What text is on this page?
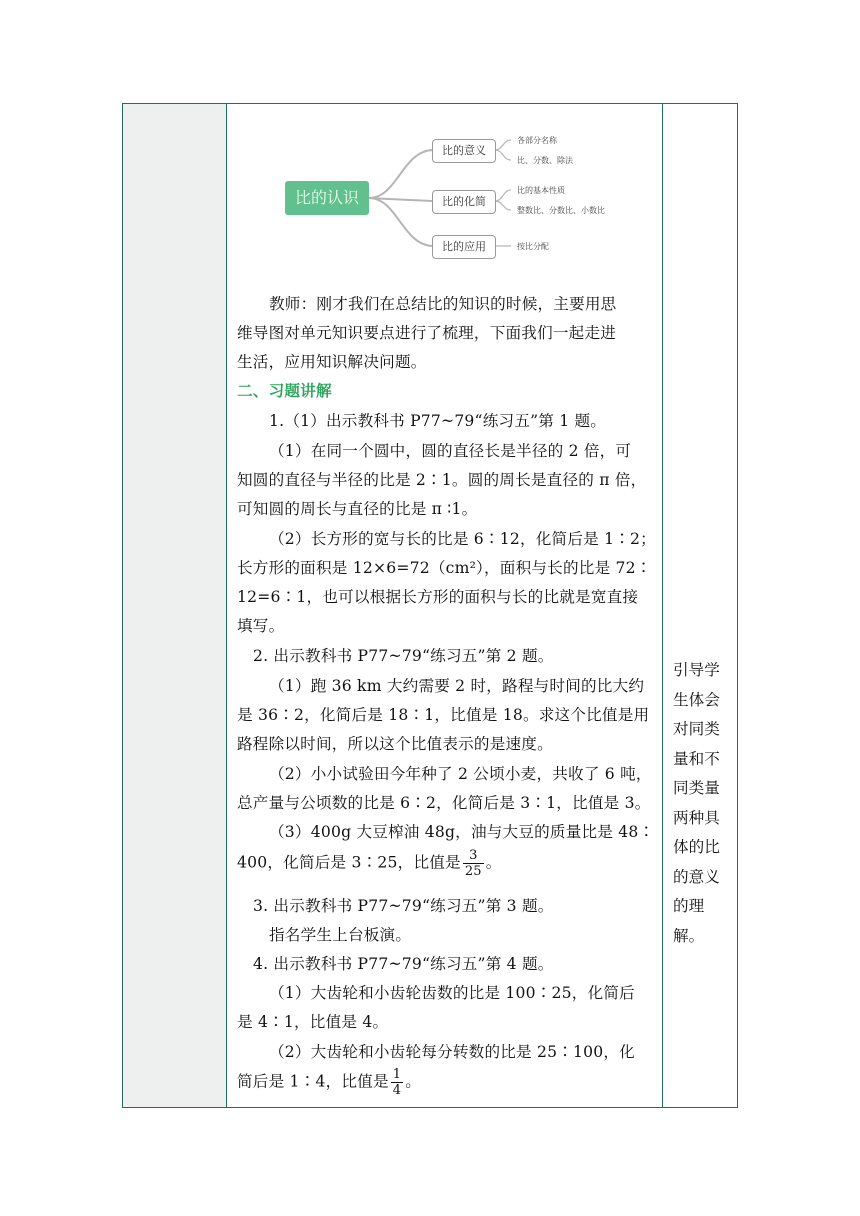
比的认识
比的意义
比的化简
比的应用
各部分名称
比、分数、除法
比的基本性质
整数比、分数比、小数比
按比分配
教师：刚才我们在总结比的知识的时候，主要用思
维导图对单元知识要点进行了梳理，下面我们一起走进
生活，应用知识解决问题。
二、习题讲解
1.（1）出示教科书 P77~79“练习五”第 1 题。
（1）在同一个圆中，圆的直径长是半径的 2 倍，可
知圆的直径与半径的比是 2∶1。圆的周长是直径的 π 倍，
可知圆的周长与直径的比是 π ∶1。
（2）长方形的宽与长的比是 6∶12，化简后是 1∶2；
长方形的面积是 12×6=72（cm²），面积与长的比是 72∶
12=6∶1，也可以根据长方形的面积与长的比就是宽直接
填写。
2. 出示教科书 P77~79“练习五”第 2 题。
（1）跑 36 km 大约需要 2 时，路程与时间的比大约
是 36∶2，化简后是 18∶1，比值是 18。求这个比值是用
路程除以时间，所以这个比值表示的是速度。
（2）小小试验田今年种了 2 公顷小麦，共收了 6 吨，
总产量与公顷数的比是 6∶2，化简后是 3∶1，比值是 3。
（3）400g 大豆榨油 48g，油与大豆的质量比是 48∶
400，化简后是 3∶25，比值是 $\frac{3}{25}$ 。
3. 出示教科书 P77~79“练习五”第 3 题。
指名学生上台板演。
4. 出示教科书 P77~79“练习五”第 4 题。
（1）大齿轮和小齿轮齿数的比是 100∶25，化简后
是 4∶1，比值是 4。
（2）大齿轮和小齿轮每分转数的比是 25∶100，化
简后是 1∶4，比值是 $\frac{1}{4}$ 。
引导学生体会对同类量和不同类量两种具体的比的意义的理解。
